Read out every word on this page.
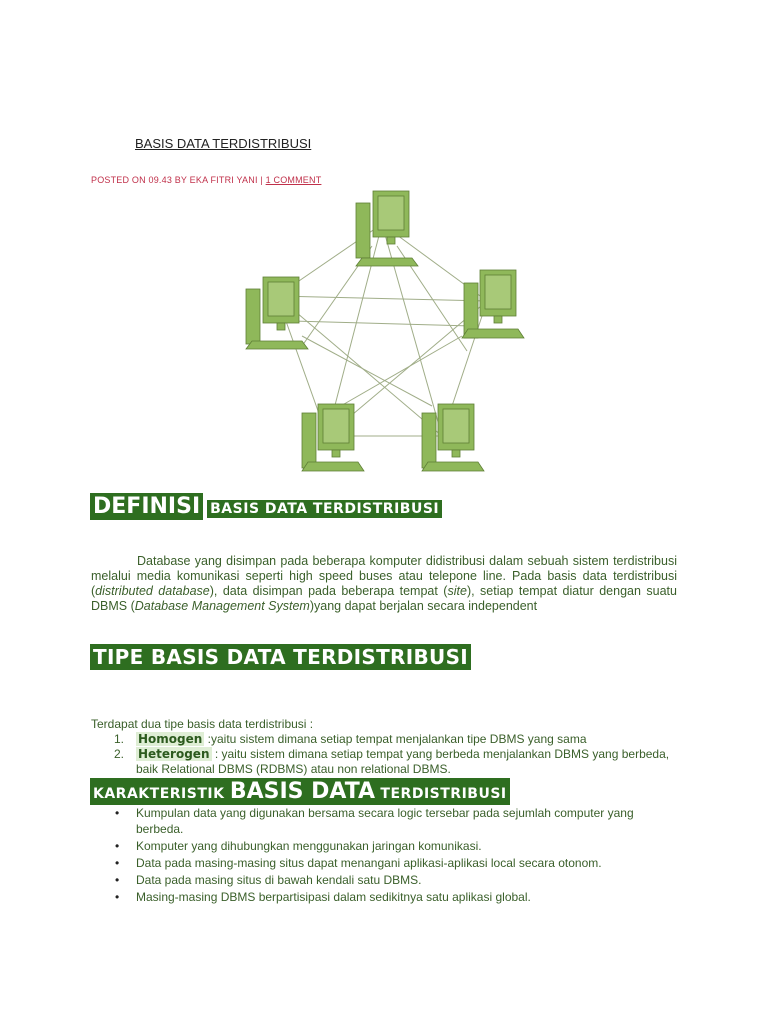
BASIS DATA TERDISTRIBUSI
POSTED ON 09.43 BY EKA FITRI YANI | 1 COMMENT
DEFINISI BASIS DATA TERDISTRIBUSI
Database yang disimpan pada beberapa komputer didistribusi dalam sebuah sistem terdistribusi melalui media komunikasi seperti high speed buses atau telepone line. Pada basis data terdistribusi (distributed database), data disimpan pada beberapa tempat (site), setiap tempat diatur dengan suatu DBMS (Database Management System)yang dapat berjalan secara independent
TIPE BASIS DATA TERDISTRIBUSI
Terdapat dua tipe basis data terdistribusi :
1. Homogen :yaitu sistem dimana setiap tempat menjalankan tipe DBMS yang sama
2. Heterogen : yaitu sistem dimana setiap tempat yang berbeda menjalankan DBMS yang berbeda, baik Relational DBMS (RDBMS) atau non relational DBMS.
KARAKTERISTIK BASIS DATA TERDISTRIBUSI
• Kumpulan data yang digunakan bersama secara logic tersebar pada sejumlah computer yang berbeda.
• Komputer yang dihubungkan menggunakan jaringan komunikasi.
• Data pada masing-masing situs dapat menangani aplikasi-aplikasi local secara otonom.
• Data pada masing situs di bawah kendali satu DBMS.
• Masing-masing DBMS berpartisipasi dalam sedikitnya satu aplikasi global.
